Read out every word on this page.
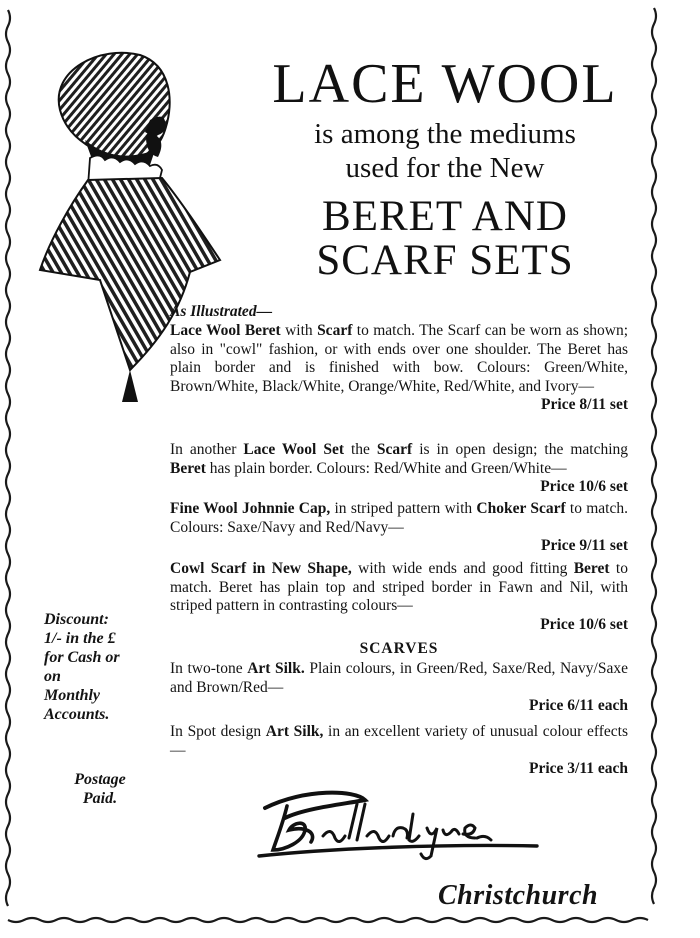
LACE WOOL
is among the mediums
used for the New
BERET AND
SCARF SETS
As Illustrated—

Lace Wool Beret with Scarf to match. The Scarf can be worn as shown; also in "cowl" fashion, or with ends over one shoulder. The Beret has plain border and is finished with bow. Colours: Green/White, Brown/White, Black/White, Orange/White, Red/White, and Ivory—

Price 8/11 set

In another Lace Wool Set the Scarf is in open design; the matching Beret has plain border. Colours: Red/White and Green/White—

Price 10/6 set

Fine Wool Johnnie Cap, in striped pattern with Choker Scarf to match. Colours: Saxe/Navy and Red/Navy—

Price 9/11 set

Cowl Scarf in New Shape, with wide ends and good fitting Beret to match. Beret has plain top and striped border in Fawn and Nil, with striped pattern in contrasting colours—

Price 10/6 set
SCARVES

In two-tone Art Silk. Plain colours, in Green/Red, Saxe/Red, Navy/Saxe and Brown/Red—

Price 6/11 each

In Spot design Art Silk, in an excellent variety of unusual colour effects—

Price 3/11 each
Discount:
1/- in the £
for Cash or
on
Monthly
Accounts.
Postage
Paid.
Christchurch
